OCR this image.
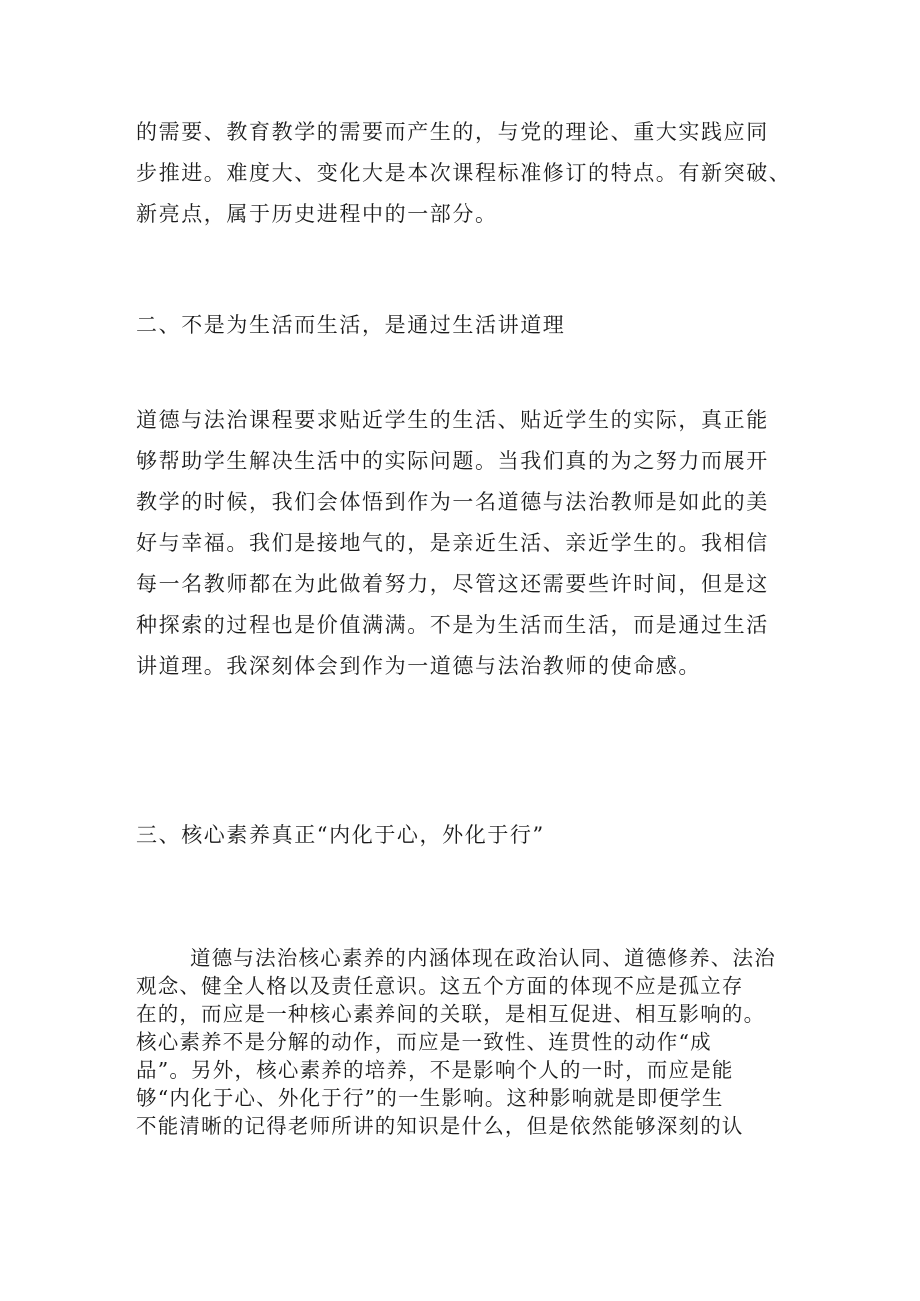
的需要、教育教学的需要而产生的，与党的理论、重大实践应同
步推进。难度大、变化大是本次课程标准修订的特点。有新突破、
新亮点，属于历史进程中的一部分。
二、不是为生活而生活，是通过生活讲道理
道德与法治课程要求贴近学生的生活、贴近学生的实际，真正能
够帮助学生解决生活中的实际问题。当我们真的为之努力而展开
教学的时候，我们会体悟到作为一名道德与法治教师是如此的美
好与幸福。我们是接地气的，是亲近生活、亲近学生的。我相信
每一名教师都在为此做着努力，尽管这还需要些许时间，但是这
种探索的过程也是价值满满。不是为生活而生活，而是通过生活
讲道理。我深刻体会到作为一道德与法治教师的使命感。
三、核心素养真正“内化于心，外化于行”
道德与法治核心素养的内涵体现在政治认同、道德修养、法治
观念、健全人格以及责任意识。这五个方面的体现不应是孤立存
在的，而应是一种核心素养间的关联，是相互促进、相互影响的。
核心素养不是分解的动作，而应是一致性、连贯性的动作“成
品”。另外，核心素养的培养，不是影响个人的一时，而应是能
够“内化于心、外化于行”的一生影响。这种影响就是即便学生
不能清晰的记得老师所讲的知识是什么，但是依然能够深刻的认
